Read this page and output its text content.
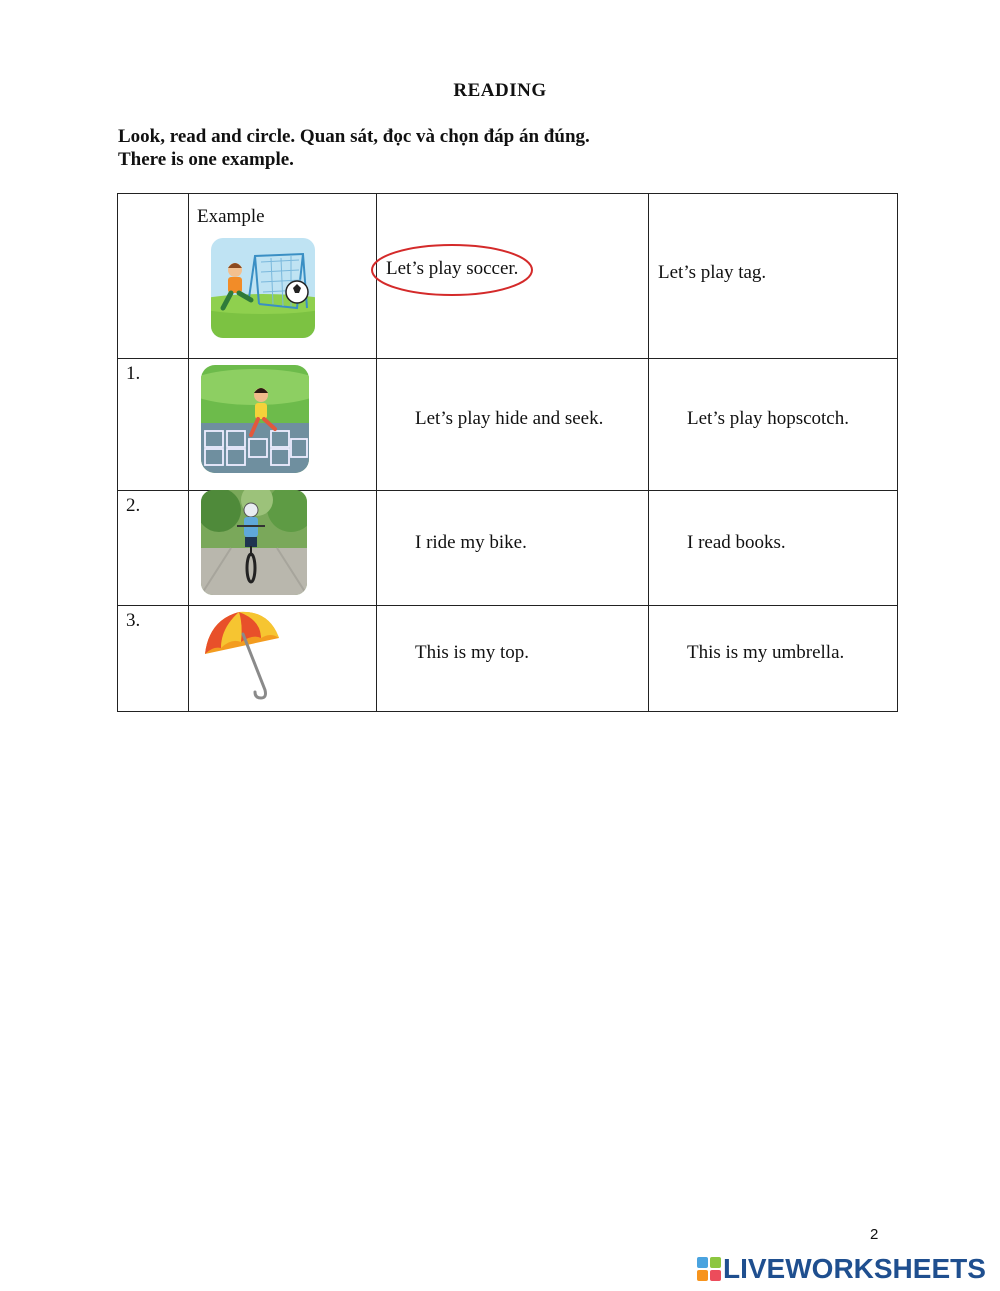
READING
Look, read and circle. Quan sát, đọc và chọn đáp án đúng.
There is one example.

	Example	Let’s play soccer.	Let’s play tag.

1.		Let’s play hide and seek.	Let’s play hopscotch.

2.		I ride my bike.	I read books.

3.		This is my top.	This is my umbrella.
2
LIVEWORKSHEETS
